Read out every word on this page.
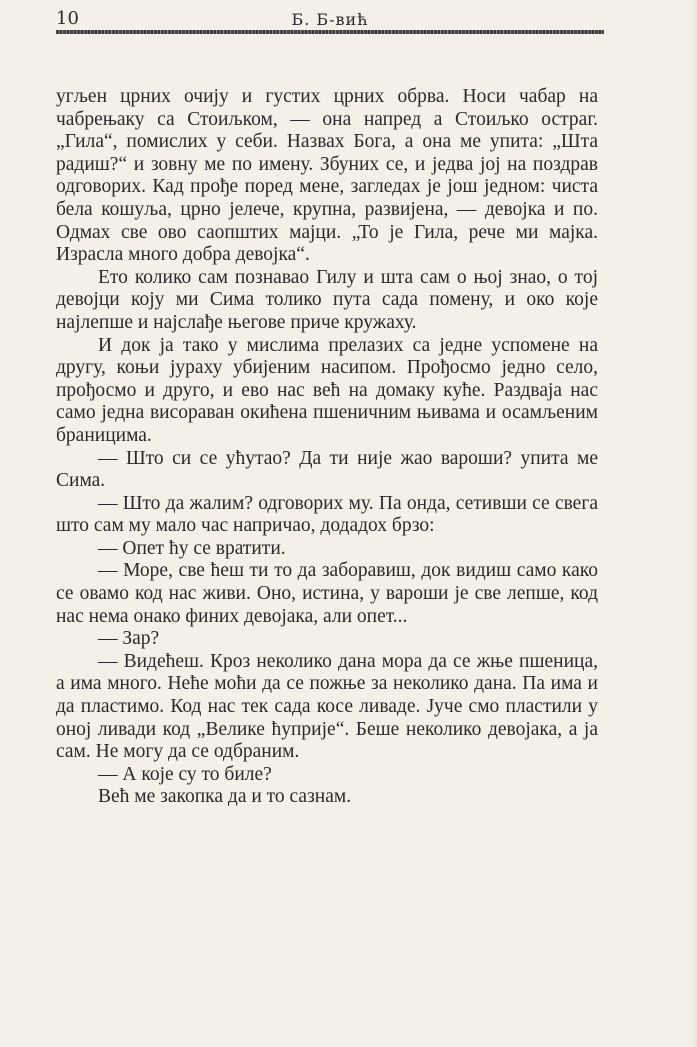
10	Б. Б-вић

угљен црних очију и густих црних обрва. Носи чабар на чабрењаку са Стоиљком, — она напред а Стоиљко остраг. „Гила“, помислих у себи. Назвах Бога, а она ме упита: „Шта радиш?“ и зовну ме по имену. Збуних се, и једва јој на поздрав одговорих. Кад прође поред мене, загледах је још једном: чиста бела кошуља, црно јелече, крупна, развијена, — девојка и по. Одмах све ово саопштих мајци. „То је Гила, рече ми мајка. Израсла много добра девојка“.

Ето колико сам познавао Гилу и шта сам о њој знао, о тој девојци коју ми Сима толико пута сада помену, и око које најлепше и најслађе његове приче кружаху.

И док ја тако у мислима прелазих са једне успомене на другу, коњи јураху убијеним насипом. Прођосмо једно село, прођосмо и друго, и ево нас већ на домаку куће. Раздваја нас само једна висораван окићена пшеничним њивама и осамљеним браницима.

— Што си се ућутао? Да ти није жао вароши? упита ме Сима.

— Што да жалим? одговорих му. Па онда, сетивши се свега што сам му мало час напричао, додадох брзо:

— Опет ћу се вратити.

— Море, све ћеш ти то да заборавиш, док видиш само како се овамо код нас живи. Оно, истина, у вароши је све лепше, код нас нема онако финих девојака, али опет...

— Зар?

— Видећеш. Кроз неколико дана мора да се жње пшеница, а има много. Неће моћи да се пожње за неколико дана. Па има и да пластимо. Код нас тек сада косе ливаде. Јуче смо пластили у оној ливади код „Велике ћуприје“. Беше неколико девојака, а ја сам. Не могу да се одбраним.

— А које су то биле?

Већ ме закопка да и то сазнам.
